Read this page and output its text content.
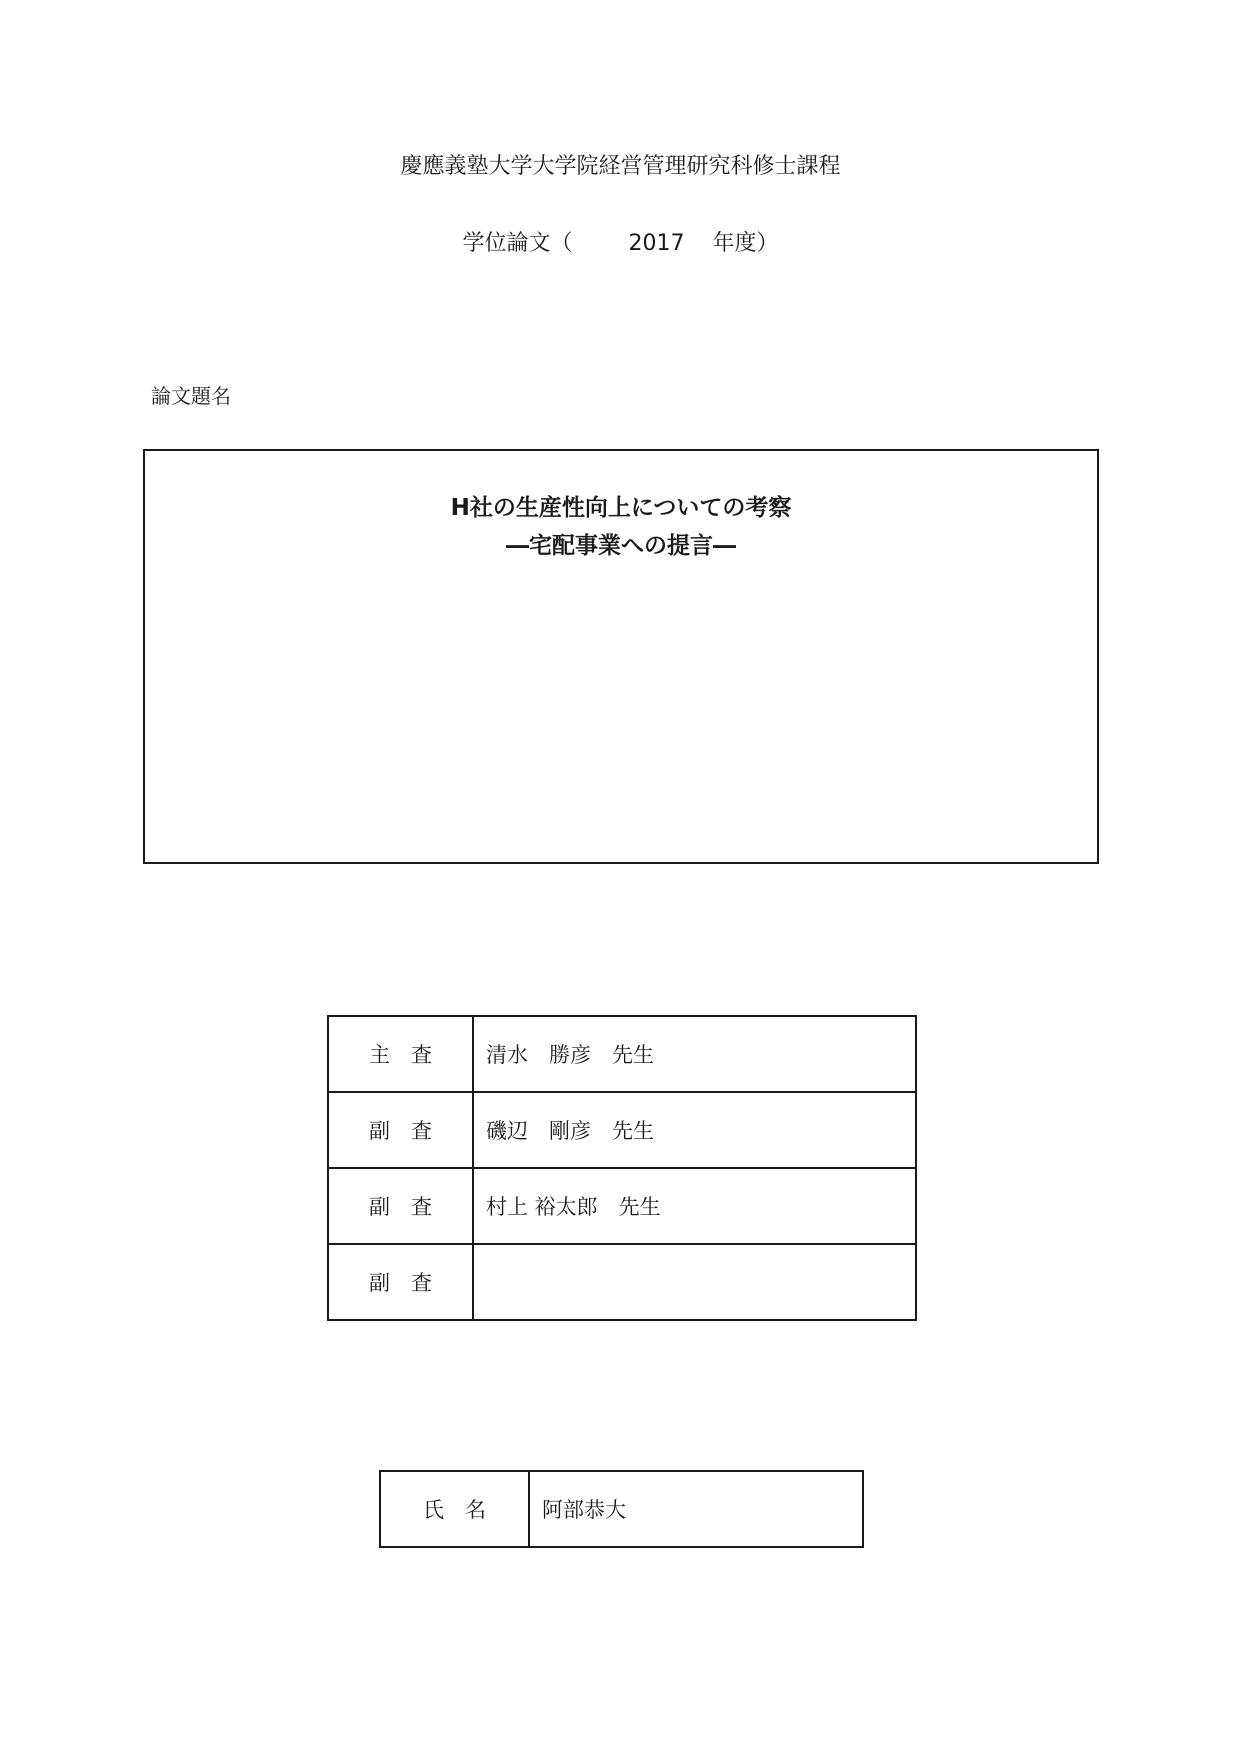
慶應義塾大学大学院経営管理研究科修士課程
学位論文（	2017 年度）
論文題名
H社の生産性向上についての考察
―宅配事業への提言―
主　査	清水　勝彦　先生
副　査	磯辺　剛彦　先生
副　査	村上 裕太郎　先生
副　査	
氏　名	阿部恭大
